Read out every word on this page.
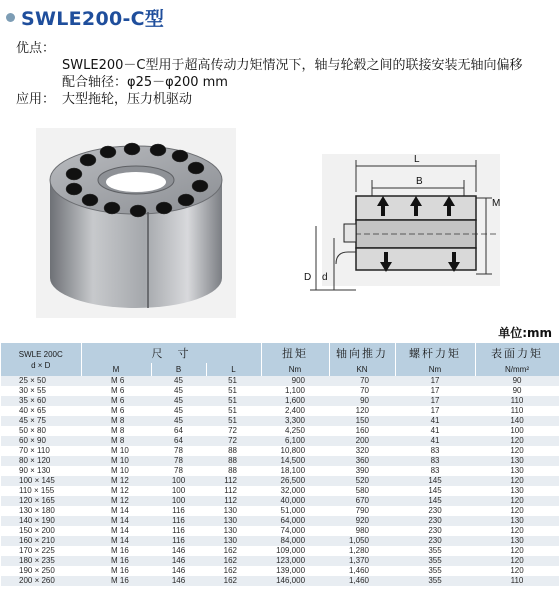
SWLE200-C型
优点：
SWLE200－C型用于超高传动力矩情况下，轴与轮毂之间的联接安装无轴向偏移
配合轴径：φ25－φ200 mm
应用： 大型拖轮，压力机驱动
L
B
M
D d
单位:mm
SWLE 200C
d × D	尺　寸			扭矩	轴向推力	螺杆力矩	表面力矩
	M	B	L	Nm	KN	Nm	N/mm²
25 × 50	M 6	45	51	900	70	17	90
30 × 55	M 6	45	51	1,100	70	17	90
35 × 60	M 6	45	51	1,600	90	17	110
40 × 65	M 6	45	51	2,400	120	17	110
45 × 75	M 8	45	51	3,300	150	41	140
50 × 80	M 8	64	72	4,250	160	41	100
60 × 90	M 8	64	72	6,100	200	41	120
70 × 110	M 10	78	88	10,800	320	83	120
80 × 120	M 10	78	88	14,500	360	83	130
90 × 130	M 10	78	88	18,100	390	83	130
100 × 145	M 12	100	112	26,500	520	145	120
110 × 155	M 12	100	112	32,000	580	145	130
120 × 165	M 12	100	112	40,000	670	145	120
130 × 180	M 14	116	130	51,000	790	230	120
140 × 190	M 14	116	130	64,000	920	230	130
150 × 200	M 14	116	130	74,000	980	230	120
160 × 210	M 14	116	130	84,000	1,050	230	130
170 × 225	M 16	146	162	109,000	1,280	355	120
180 × 235	M 16	146	162	123,000	1,370	355	120
190 × 250	M 16	146	162	139,000	1,460	355	120
200 × 260	M 16	146	162	146,000	1,460	355	110
